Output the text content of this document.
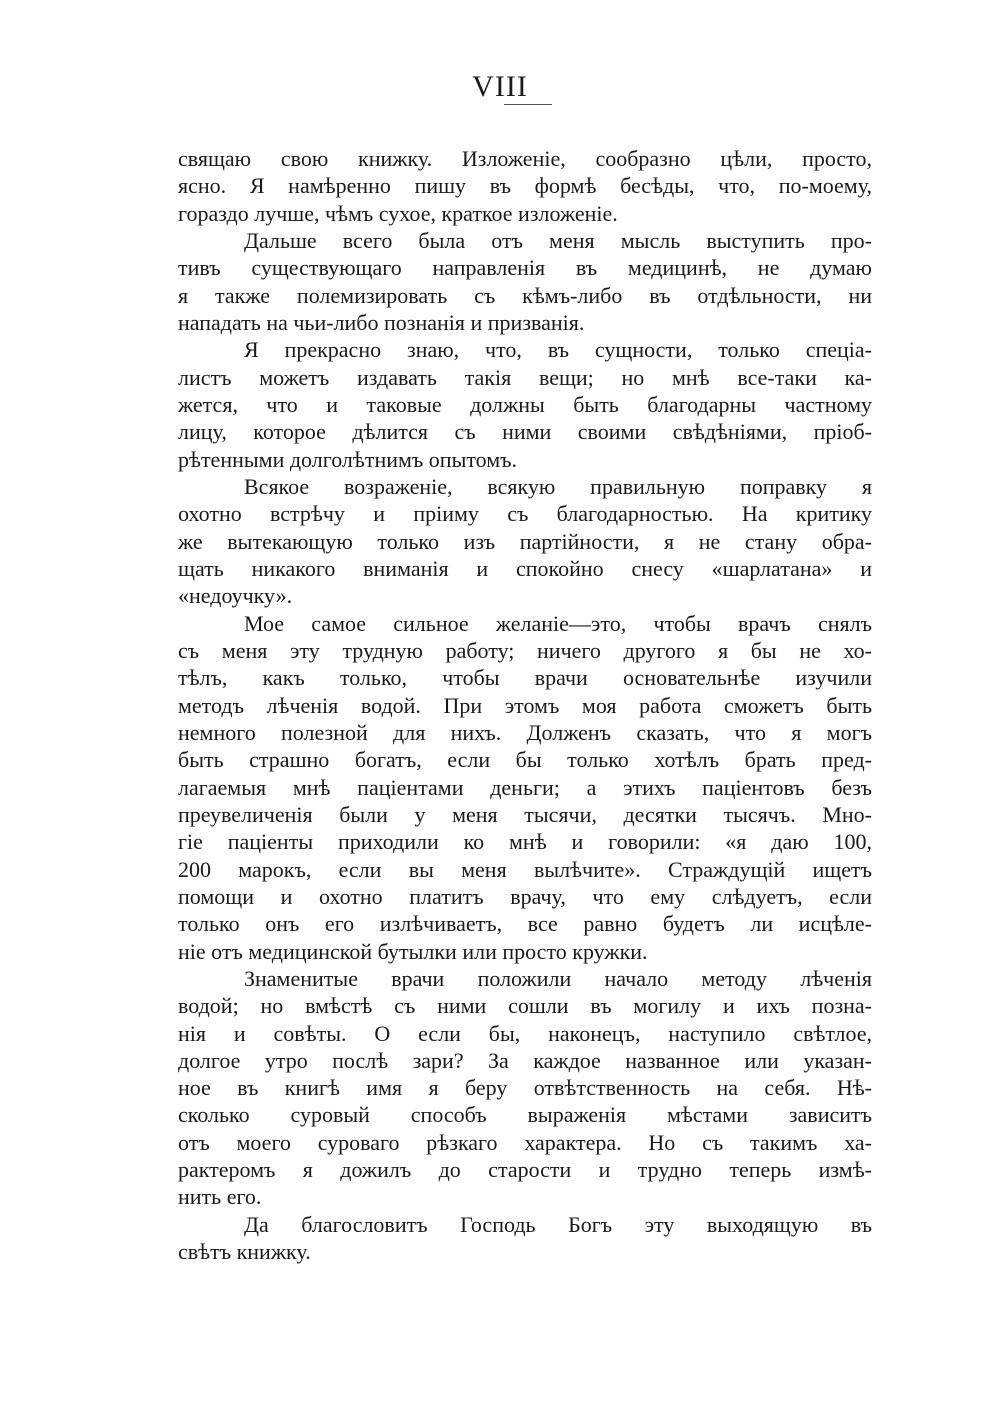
VIII
свящаю свою книжку. Изложеніе, сообразно цѣли, просто,
ясно. Я намѣренно пишу въ формѣ бесѣды, что, по-моему,
гораздо лучше, чѣмъ сухое, краткое изложеніе.
Дальше всего была отъ меня мысль выступить про-
тивъ существующаго направленія въ медицинѣ, не думаю
я также полемизировать съ кѣмъ-либо въ отдѣльности, ни
нападать на чьи-либо познанія и призванія.
Я прекрасно знаю, что, въ сущности, только спеціа-
листъ можетъ издавать такія вещи; но мнѣ все-таки ка-
жется, что и таковые должны быть благодарны частному
лицу, которое дѣлится съ ними своими свѣдѣніями, пріоб-
рѣтенными долголѣтнимъ опытомъ.
Всякое возраженіе, всякую правильную поправку я
охотно встрѣчу и пріиму съ благодарностью. На критику
же вытекающую только изъ партійности, я не стану обра-
щать никакого вниманія и спокойно снесу «шарлатана» и
«недоучку».
Мое самое сильное желаніе—это, чтобы врачъ снялъ
съ меня эту трудную работу; ничего другого я бы не хо-
тѣлъ, какъ только, чтобы врачи основательнѣе изучили
методъ лѣченія водой. При этомъ моя работа сможетъ быть
немного полезной для нихъ. Долженъ сказать, что я могъ
быть страшно богатъ, если бы только хотѣлъ брать пред-
лагаемыя мнѣ паціентами деньги; а этихъ паціентовъ безъ
преувеличенія были у меня тысячи, десятки тысячъ. Мно-
гіе паціенты приходили ко мнѣ и говорили: «я даю 100,
200 марокъ, если вы меня вылѣчите». Страждущій ищетъ
помощи и охотно платитъ врачу, что ему слѣдуетъ, если
только онъ его излѣчиваетъ, все равно будетъ ли исцѣле-
ніе отъ медицинской бутылки или просто кружки.
Знаменитые врачи положили начало методу лѣченія
водой; но вмѣстѣ съ ними сошли въ могилу и ихъ позна-
нія и совѣты. О если бы, наконецъ, наступило свѣтлое,
долгое утро послѣ зари? За каждое названное или указан-
ное въ книгѣ имя я беру отвѣтственность на себя. Нѣ-
сколько суровый способъ выраженія мѣстами зависитъ
отъ моего суроваго рѣзкаго характера. Но съ такимъ ха-
рактеромъ я дожилъ до старости и трудно теперь измѣ-
нить его.
Да благословитъ Господь Богъ эту выходящую въ
свѣтъ книжку.
